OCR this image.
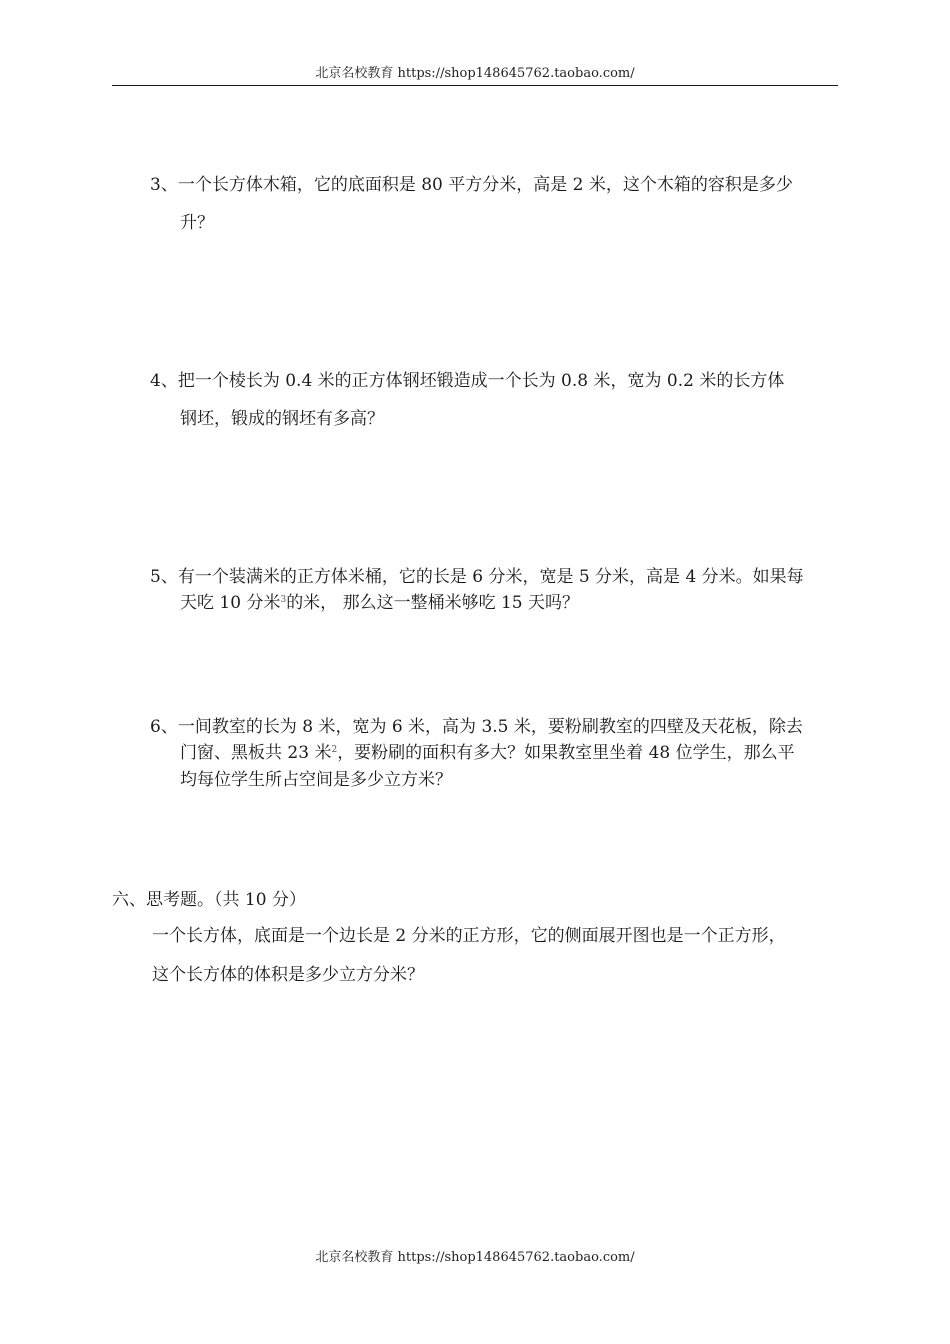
北京名校教育 https://shop148645762.taobao.com/
3、一个长方体木箱，它的底面积是 80 平方分米，高是 2 米，这个木箱的容积是多少
升？
4、把一个棱长为 0.4 米的正方体钢坯锻造成一个长为 0.8 米，宽为 0.2 米的长方体
钢坯，锻成的钢坯有多高？
5、有一个装满米的正方体米桶，它的长是 6 分米，宽是 5 分米，高是 4 分米。如果每
天吃 10 分米$^3$的米， 那么这一整桶米够吃 15 天吗？
6、一间教室的长为 8 米，宽为 6 米，高为 3.5 米，要粉刷教室的四壁及天花板，除去
门窗、黑板共 23 米$^2$，要粉刷的面积有多大？如果教室里坐着 48 位学生，那么平
均每位学生所占空间是多少立方米？
六、思考题。（共 10 分）
一个长方体，底面是一个边长是 2 分米的正方形，它的侧面展开图也是一个正方形，
这个长方体的体积是多少立方分米？
北京名校教育 https://shop148645762.taobao.com/
